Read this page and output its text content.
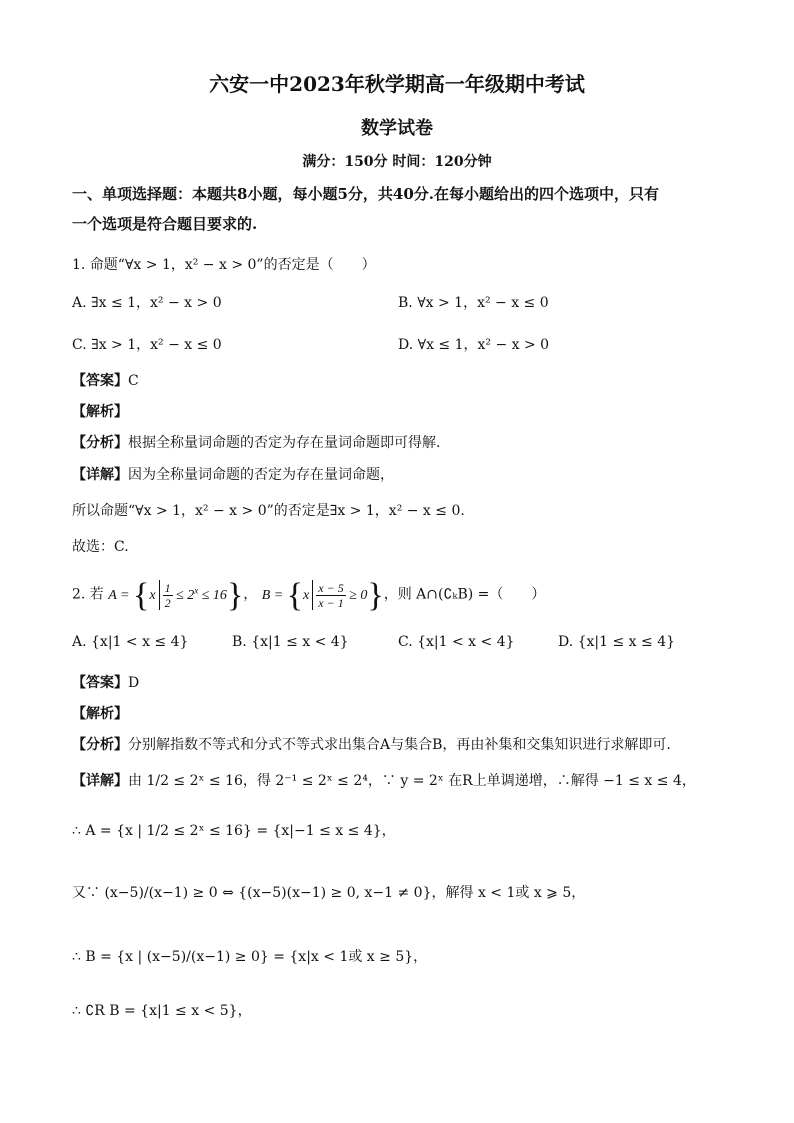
六安一中2023年秋学期高一年级期中考试
数学试卷
满分：150分 时间：120分钟
一、单项选择题：本题共8小题，每小题5分，共40分.在每小题给出的四个选项中，只有
一个选项是符合题目要求的.
1. 命题“∀x > 1，x² − x > 0”的否定是（　　）
A. ∃x ≤ 1，x² − x > 0	B. ∀x > 1，x² − x ≤ 0
C. ∃x > 1，x² − x ≤ 0	D. ∀x ≤ 1，x² − x > 0
【答案】C
【解析】
【分析】根据全称量词命题的否定为存在量词命题即可得解.
【详解】因为全称量词命题的否定为存在量词命题，
所以命题“∀x > 1，x² − x > 0”的否定是∃x > 1，x² − x ≤ 0.
故选：C.
2. 若 $A = \{x \frac{1}{2} \le 2^x \le 16\}$， $B = \{x \frac{x - 5}{x - 1} \ge 0\}$，则 A∩(∁ₖB) =（　　）
A. {x|1 < x ≤ 4}	B. {x|1 ≤ x < 4}	C. {x|1 < x < 4}	D. {x|1 ≤ x ≤ 4}
【答案】D
【解析】
【分析】分别解指数不等式和分式不等式求出集合A与集合B，再由补集和交集知识进行求解即可.
【详解】由 1/2 ≤ 2ˣ ≤ 16，得 2⁻¹ ≤ 2ˣ ≤ 2⁴，∵ y = 2ˣ 在R上单调递增，∴解得 −1 ≤ x ≤ 4，
∴ A = {x | 1/2 ≤ 2ˣ ≤ 16} = {x|−1 ≤ x ≤ 4}，
又∵ (x−5)/(x−1) ≥ 0 ⇔ {(x−5)(x−1) ≥ 0, x−1 ≠ 0}，解得 x < 1或 x ⩾ 5，
∴ B = {x | (x−5)/(x−1) ≥ 0} = {x|x < 1或 x ≥ 5}，
∴ ∁R B = {x|1 ≤ x < 5}，
